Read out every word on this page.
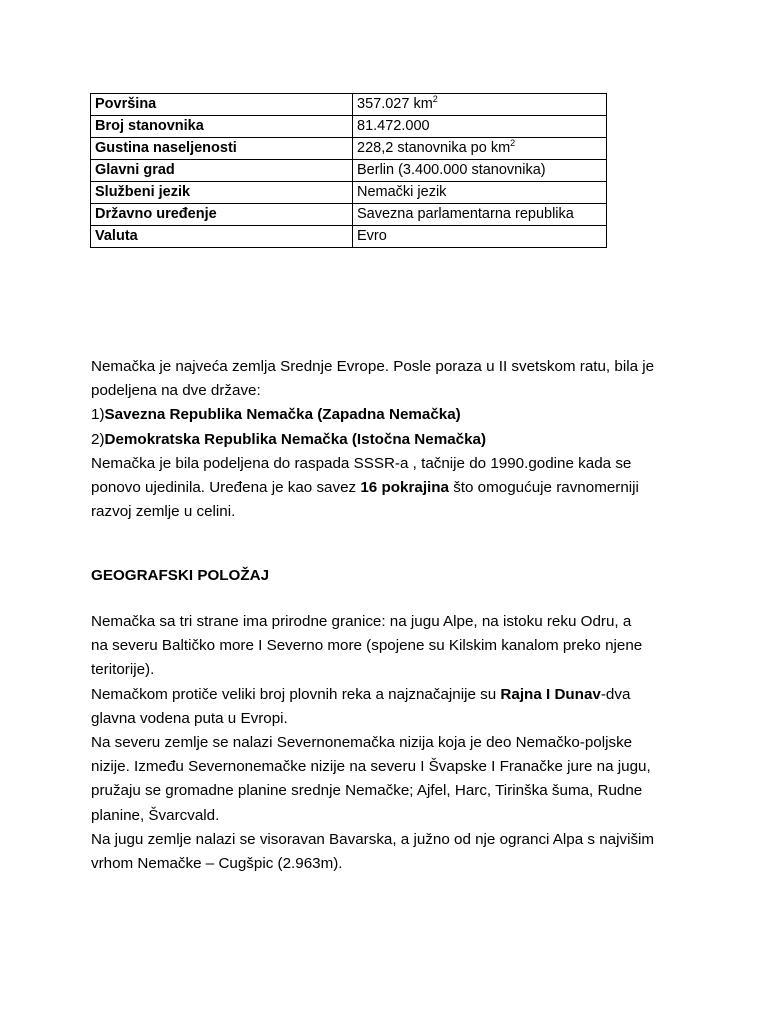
Površina	357.027 $km^2$
Broj stanovnika	81.472.000
Gustina naseljenosti	228,2 stanovnika po $km^2$
Glavni grad	Berlin (3.400.000 stanovnika)
Službeni jezik	Nemački jezik
Državno uređenje	Savezna parlamentarna republika
Valuta	Evro

Nemačka je najveća zemlja Srednje Evrope. Posle poraza u II svetskom ratu, bila je

podeljena na dve države:

1)Savezna Republika Nemačka (Zapadna Nemačka)

2)Demokratska Republika Nemačka (Istočna Nemačka)

Nemačka je bila podeljena do raspada SSSR-a , tačnije do 1990.godine kada se

ponovo ujedinila. Uređena je kao savez 16 pokrajina što omogućuje ravnomerniji

razvoj zemlje u celini.

GEOGRAFSKI POLOŽAJ

Nemačka sa tri strane ima prirodne granice: na jugu Alpe, na istoku reku Odru, a

na severu Baltičko more I Severno more (spojene su Kilskim kanalom preko njene

teritorije).

Nemačkom protiče veliki broj plovnih reka a najznačajnije su Rajna I Dunav-dva

glavna vodena puta u Evropi.

Na severu zemlje se nalazi Severnonemačka nizija koja je deo Nemačko-poljske

nizije. Između Severnonemačke nizije na severu I Švapske I Franačke jure na jugu,

pružaju se gromadne planine srednje Nemačke; Ajfel, Harc, Tirinška šuma, Rudne

planine, Švarcvald.

Na jugu zemlje nalazi se visoravan Bavarska, a južno od nje ogranci Alpa s najvišim

vrhom Nemačke – Cugšpic (2.963m).
